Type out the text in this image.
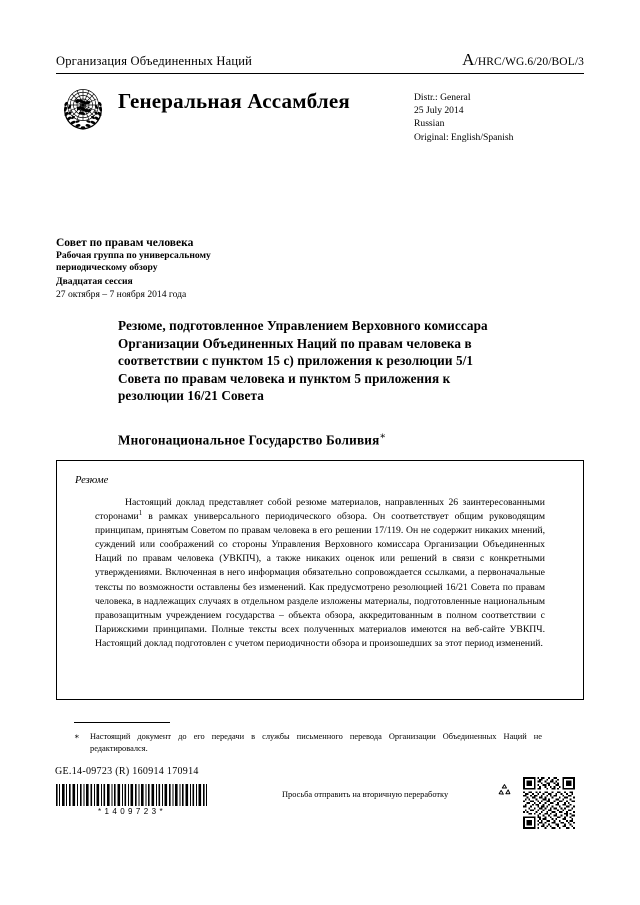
Организация Объединенных Наций	A/HRC/WG.6/20/BOL/3
Генеральная Ассамблея	Distr.: General
25 July 2014
Russian
Original: English/Spanish
Совет по правам человека
Рабочая группа по универсальному
периодическому обзору
Двадцатая сессия
27 октября – 7 ноября 2014 года
Резюме, подготовленное Управлением Верховного комиссара Организации Объединенных Наций по правам человека в соответствии с пунктом 15 c) приложения к резолюции 5/1 Совета по правам человека и пунктом 5 приложения к резолюции 16/21 Совета
Многонациональное Государство Боливия∗
Резюме
Настоящий доклад представляет собой резюме материалов, направленных 26 заинтересованными сторонами$^1$ в рамках универсального периодического обзора. Он соответствует общим руководящим принципам, принятым Советом по правам человека в его решении 17/119. Он не содержит никаких мнений, суждений или соображений со стороны Управления Верховного комиссара Организации Объединенных Наций по правам человека (УВКПЧ), а также никаких оценок или решений в связи с конкретными утверждениями. Включенная в него информация обязательно сопровождается ссылками, а первоначальные тексты по возможности оставлены без изменений. Как предусмотрено резолюцией 16/21 Совета по правам человека, в надлежащих случаях в отдельном разделе изложены материалы, подготовленные национальным правозащитным учреждением государства – объекта обзора, аккредитованным в полном соответствии с Парижскими принципами. Полные тексты всех полученных материалов имеются на веб-сайте УВКПЧ. Настоящий доклад подготовлен с учетом периодичности обзора и произошедших за этот период изменений.
∗ Настоящий документ до его передачи в службы письменного перевода Организации Объединенных Наций не редактировался.
GE.14-09723 (R) 160914 170914
*1409723*
Просьба отправить на вторичную переработку
